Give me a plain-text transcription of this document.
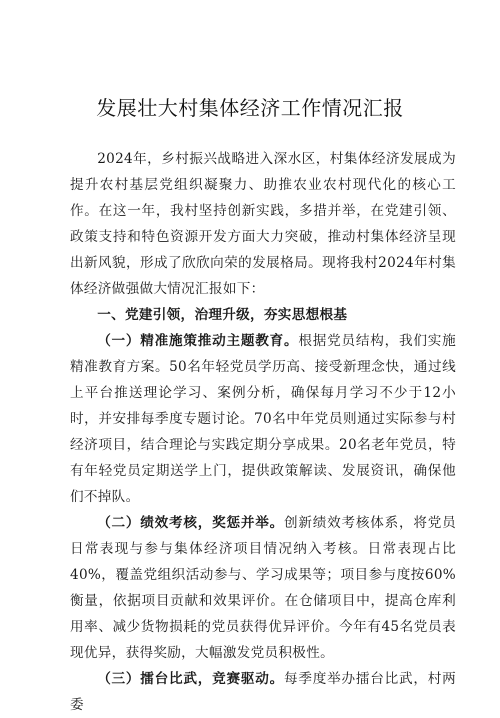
发展壮大村集体经济工作情况汇报

2024年，乡村振兴战略进入深水区，村集体经济发展成为提升农村基层党组织凝聚力、助推农业农村现代化的核心工作。在这一年，我村坚持创新实践，多措并举，在党建引领、政策支持和特色资源开发方面大力突破，推动村集体经济呈现出新风貌，形成了欣欣向荣的发展格局。现将我村2024年村集体经济做强做大情况汇报如下：

一、党建引领，治理升级，夯实思想根基

（一）精准施策推动主题教育。根据党员结构，我们实施精准教育方案。50名年轻党员学历高、接受新理念快，通过线上平台推送理论学习、案例分析，确保每月学习不少于12小时，并安排每季度专题讨论。70名中年党员则通过实际参与村经济项目，结合理论与实践定期分享成果。20名老年党员，特有年轻党员定期送学上门，提供政策解读、发展资讯，确保他们不掉队。

（二）绩效考核，奖惩并举。创新绩效考核体系，将党员日常表现与参与集体经济项目情况纳入考核。日常表现占比40%，覆盖党组织活动参与、学习成果等；项目参与度按60%衡量，依据项目贡献和效果评价。在仓储项目中，提高仓库利用率、减少货物损耗的党员获得优异评价。今年有45名党员表现优异，获得奖励，大幅激发党员积极性。

（三）擂台比武，竞赛驱动。每季度举办擂台比武，村两委
